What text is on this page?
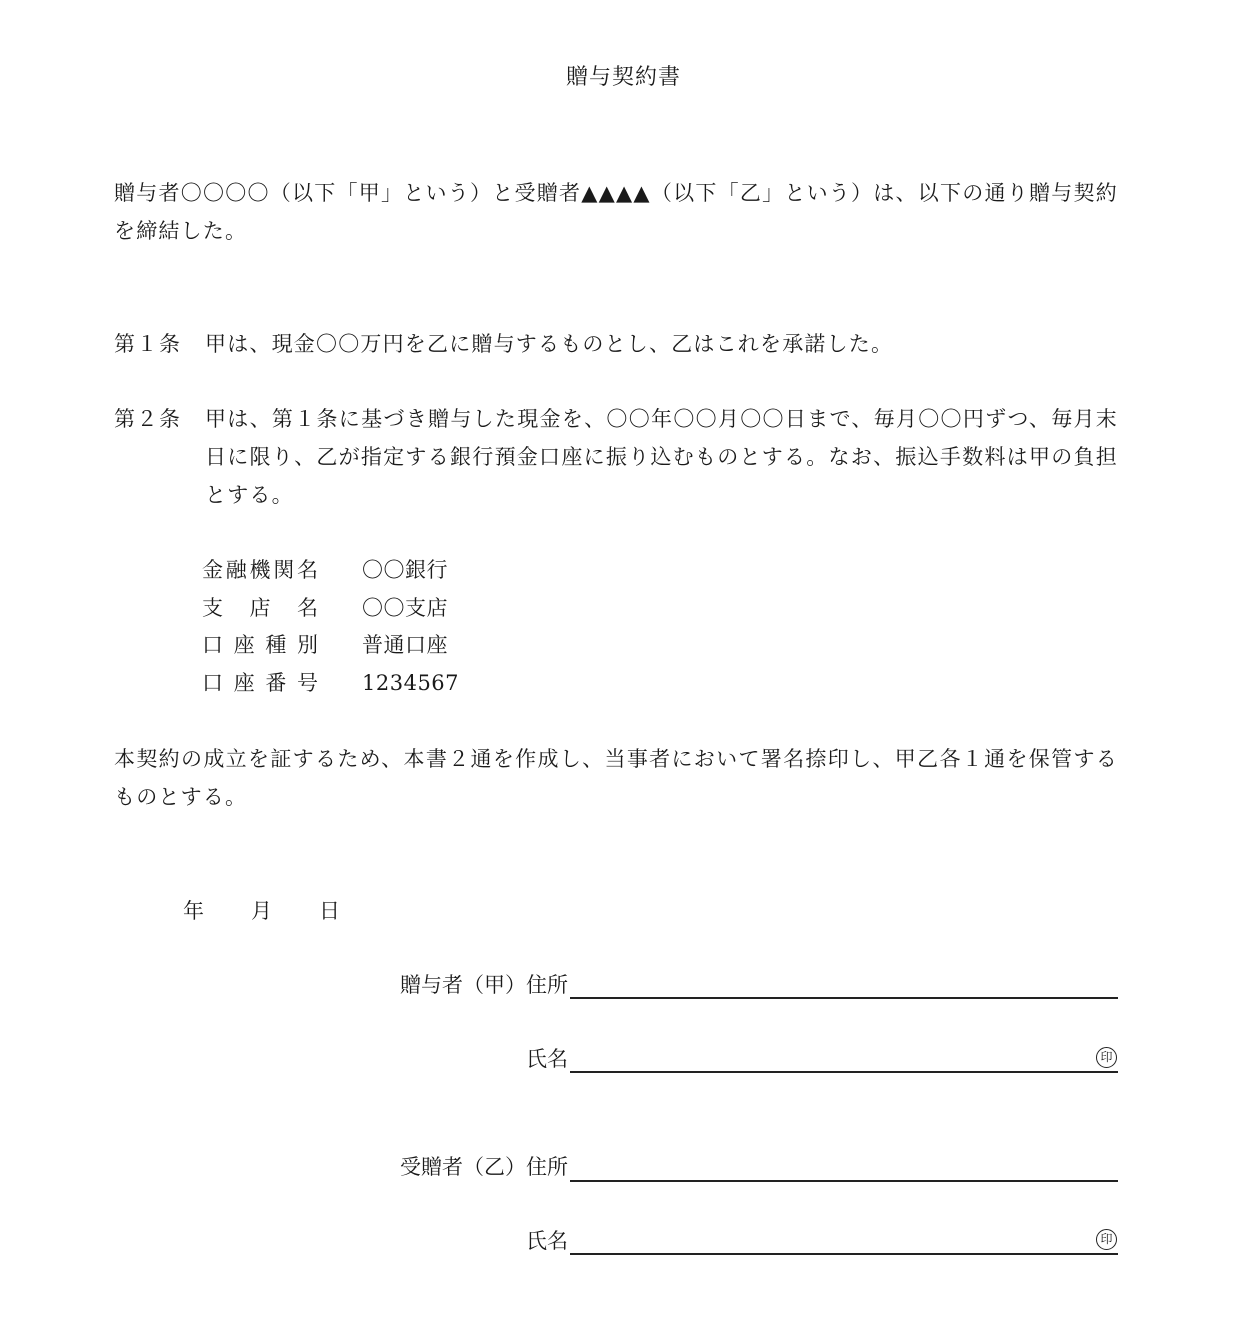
贈与契約書
贈与者〇〇〇〇（以下「甲」という）と受贈者▲▲▲▲（以下「乙」という）は、以下の通り贈与契約を締結した。
第１条 甲は、現金〇〇万円を乙に贈与するものとし、乙はこれを承諾した。
第２条 甲は、第１条に基づき贈与した現金を、〇〇年〇〇月〇〇日まで、毎月〇〇円ずつ、毎月末日に限り、乙が指定する銀行預金口座に振り込むものとする。なお、振込手数料は甲の負担とする。
金融機関名 〇〇銀行
支店名 〇〇支店
口座種別 普通口座
口座番号 1234567
本契約の成立を証するため、本書２通を作成し、当事者において署名捺印し、甲乙各１通を保管するものとする。
年 月 日
贈与者（甲）住所
氏名	印
受贈者（乙）住所
氏名	印
